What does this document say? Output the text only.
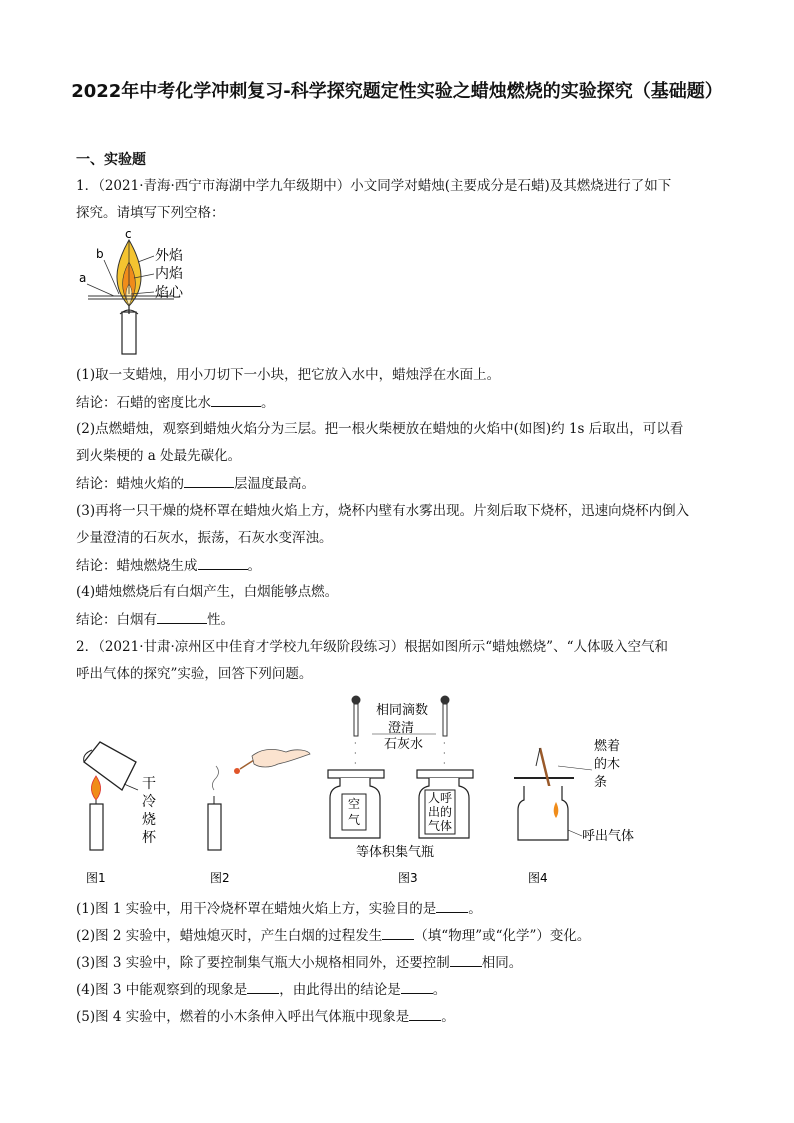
2022年中考化学冲刺复习-科学探究题定性实验之蜡烛燃烧的实验探究（基础题）
一、实验题
1．（2021·青海·西宁市海湖中学九年级期中）小文同学对蜡烛(主要成分是石蜡)及其燃烧进行了如下
探究。请填写下列空格：
a
b
c
外焰
内焰
焰心
(1)取一支蜡烛，用小刀切下一小块，把它放入水中，蜡烛浮在水面上。
结论：石蜡的密度比水	。
(2)点燃蜡烛，观察到蜡烛火焰分为三层。把一根火柴梗放在蜡烛的火焰中(如图)约 1s 后取出，可以看
到火柴梗的 a 处最先碳化。
结论：蜡烛火焰的	层温度最高。
(3)再将一只干燥的烧杯罩在蜡烛火焰上方，烧杯内壁有水雾出现。片刻后取下烧杯，迅速向烧杯内倒入
少量澄清的石灰水，振荡，石灰水变浑浊。
结论：蜡烛燃烧生成	。
(4)蜡烛燃烧后有白烟产生，白烟能够点燃。
结论：白烟有	性。
2．（2021·甘肃·凉州区中佳育才学校九年级阶段练习）根据如图所示“蜡烛燃烧”、“人体吸入空气和
呼出气体的探究”实验，回答下列问题。
干
冷
烧
杯
·
·
·
·
·
·
相同滴数
澄清
石灰水
空
气
人呼
出的
气体
等体积集气瓶
燃着
的木
条
呼出气体
图1	图2	图3	图4
(1)图 1 实验中，用干冷烧杯罩在蜡烛火焰上方，实验目的是 。
(2)图 2 实验中，蜡烛熄灭时，产生白烟的过程发生 （填“物理”或“化学”）变化。
(3)图 3 实验中，除了要控制集气瓶大小规格相同外，还要控制 相同。
(4)图 3 中能观察到的现象是 ，由此得出的结论是 。
(5)图 4 实验中，燃着的小木条伸入呼出气体瓶中现象是 。
